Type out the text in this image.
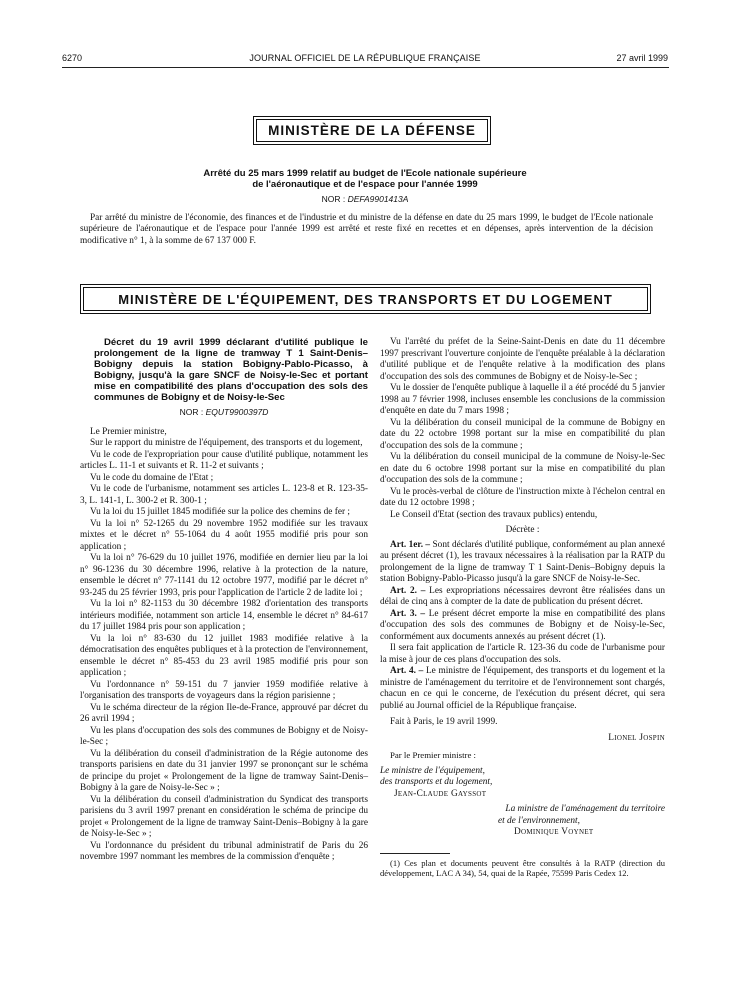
6270	JOURNAL OFFICIEL DE LA RÉPUBLIQUE FRANÇAISE	27 avril 1999
MINISTÈRE DE LA DÉFENSE
Arrêté du 25 mars 1999 relatif au budget de l'Ecole nationale supérieure
de l'aéronautique et de l'espace pour l'année 1999
NOR : DEFA9901413A
Par arrêté du ministre de l'économie, des finances et de l'industrie et du ministre de la défense en date du 25 mars 1999, le budget de l'Ecole nationale supérieure de l'aéronautique et de l'espace pour l'année 1999 est arrêté et reste fixé en recettes et en dépenses, après intervention de la décision modificative n° 1, à la somme de 67 137 000 F.
MINISTÈRE DE L'ÉQUIPEMENT, DES TRANSPORTS ET DU LOGEMENT

Décret du 19 avril 1999 déclarant d'utilité publique le prolongement de la ligne de tramway T 1 Saint-Denis–Bobigny depuis la station Bobigny-Pablo-Picasso, à Bobigny, jusqu'à la gare SNCF de Noisy-le-Sec et portant mise en compatibilité des plans d'occupation des sols des communes de Bobigny et de Noisy-le-Sec

NOR : EQUT9900397D

Le Premier ministre,

Sur le rapport du ministre de l'équipement, des transports et du logement,

Vu le code de l'expropriation pour cause d'utilité publique, notamment les articles L. 11-1 et suivants et R. 11-2 et suivants ;

Vu le code du domaine de l'Etat ;

Vu le code de l'urbanisme, notamment ses articles L. 123-8 et R. 123-35-3, L. 141-1, L. 300-2 et R. 300-1 ;

Vu la loi du 15 juillet 1845 modifiée sur la police des chemins de fer ;

Vu la loi n° 52-1265 du 29 novembre 1952 modifiée sur les travaux mixtes et le décret n° 55-1064 du 4 août 1955 modifié pris pour son application ;

Vu la loi n° 76-629 du 10 juillet 1976, modifiée en dernier lieu par la loi n° 96-1236 du 30 décembre 1996, relative à la protection de la nature, ensemble le décret n° 77-1141 du 12 octobre 1977, modifié par le décret n° 93-245 du 25 février 1993, pris pour l'application de l'article 2 de ladite loi ;

Vu la loi n° 82-1153 du 30 décembre 1982 d'orientation des transports intérieurs modifiée, notamment son article 14, ensemble le décret n° 84-617 du 17 juillet 1984 pris pour son application ;

Vu la loi n° 83-630 du 12 juillet 1983 modifiée relative à la démocratisation des enquêtes publiques et à la protection de l'environnement, ensemble le décret n° 85-453 du 23 avril 1985 modifié pris pour son application ;

Vu l'ordonnance n° 59-151 du 7 janvier 1959 modifiée relative à l'organisation des transports de voyageurs dans la région parisienne ;

Vu le schéma directeur de la région Ile-de-France, approuvé par décret du 26 avril 1994 ;

Vu les plans d'occupation des sols des communes de Bobigny et de Noisy-le-Sec ;

Vu la délibération du conseil d'administration de la Régie autonome des transports parisiens en date du 31 janvier 1997 se prononçant sur le schéma de principe du projet « Prolongement de la ligne de tramway Saint-Denis–Bobigny à la gare de Noisy-le-Sec » ;

Vu la délibération du conseil d'administration du Syndicat des transports parisiens du 3 avril 1997 prenant en considération le schéma de principe du projet « Prolongement de la ligne de tramway Saint-Denis–Bobigny à la gare de Noisy-le-Sec » ;

Vu l'ordonnance du président du tribunal administratif de Paris du 26 novembre 1997 nommant les membres de la commission d'enquête ;

Vu l'arrêté du préfet de la Seine-Saint-Denis en date du 11 décembre 1997 prescrivant l'ouverture conjointe de l'enquête préalable à la déclaration d'utilité publique et de l'enquête relative à la modification des plans d'occupation des sols des communes de Bobigny et de Noisy-le-Sec ;

Vu le dossier de l'enquête publique à laquelle il a été procédé du 5 janvier 1998 au 7 février 1998, incluses ensemble les conclusions de la commission d'enquête en date du 7 mars 1998 ;

Vu la délibération du conseil municipal de la commune de Bobigny en date du 22 octobre 1998 portant sur la mise en compatibilité du plan d'occupation des sols de la commune ;

Vu la délibération du conseil municipal de la commune de Noisy-le-Sec en date du 6 octobre 1998 portant sur la mise en compatibilité du plan d'occupation des sols de la commune ;

Vu le procès-verbal de clôture de l'instruction mixte à l'échelon central en date du 12 octobre 1998 ;

Le Conseil d'Etat (section des travaux publics) entendu,

Décrète :

Art. 1er. – Sont déclarés d'utilité publique, conformément au plan annexé au présent décret (1), les travaux nécessaires à la réalisation par la RATP du prolongement de la ligne de tramway T 1 Saint-Denis–Bobigny depuis la station Bobigny-Pablo-Picasso jusqu'à la gare SNCF de Noisy-le-Sec.

Art. 2. – Les expropriations nécessaires devront être réalisées dans un délai de cinq ans à compter de la date de publication du présent décret.

Art. 3. – Le présent décret emporte la mise en compatibilité des plans d'occupation des sols des communes de Bobigny et de Noisy-le-Sec, conformément aux documents annexés au présent décret (1).

Il sera fait application de l'article R. 123-36 du code de l'urbanisme pour la mise à jour de ces plans d'occupation des sols.

Art. 4. – Le ministre de l'équipement, des transports et du logement et la ministre de l'aménagement du territoire et de l'environnement sont chargés, chacun en ce qui le concerne, de l'exécution du présent décret, qui sera publié au Journal officiel de la République française.

Fait à Paris, le 19 avril 1999.

Lionel Jospin

Par le Premier ministre :

Le ministre de l'équipement,

des transports et du logement,

Jean-Claude Gayssot

La ministre de l'aménagement du territoire

et de l'environnement,

Dominique Voynet

(1) Ces plan et documents peuvent être consultés à la RATP (direction du développement, LAC A 34), 54, quai de la Rapée, 75599 Paris Cedex 12.
